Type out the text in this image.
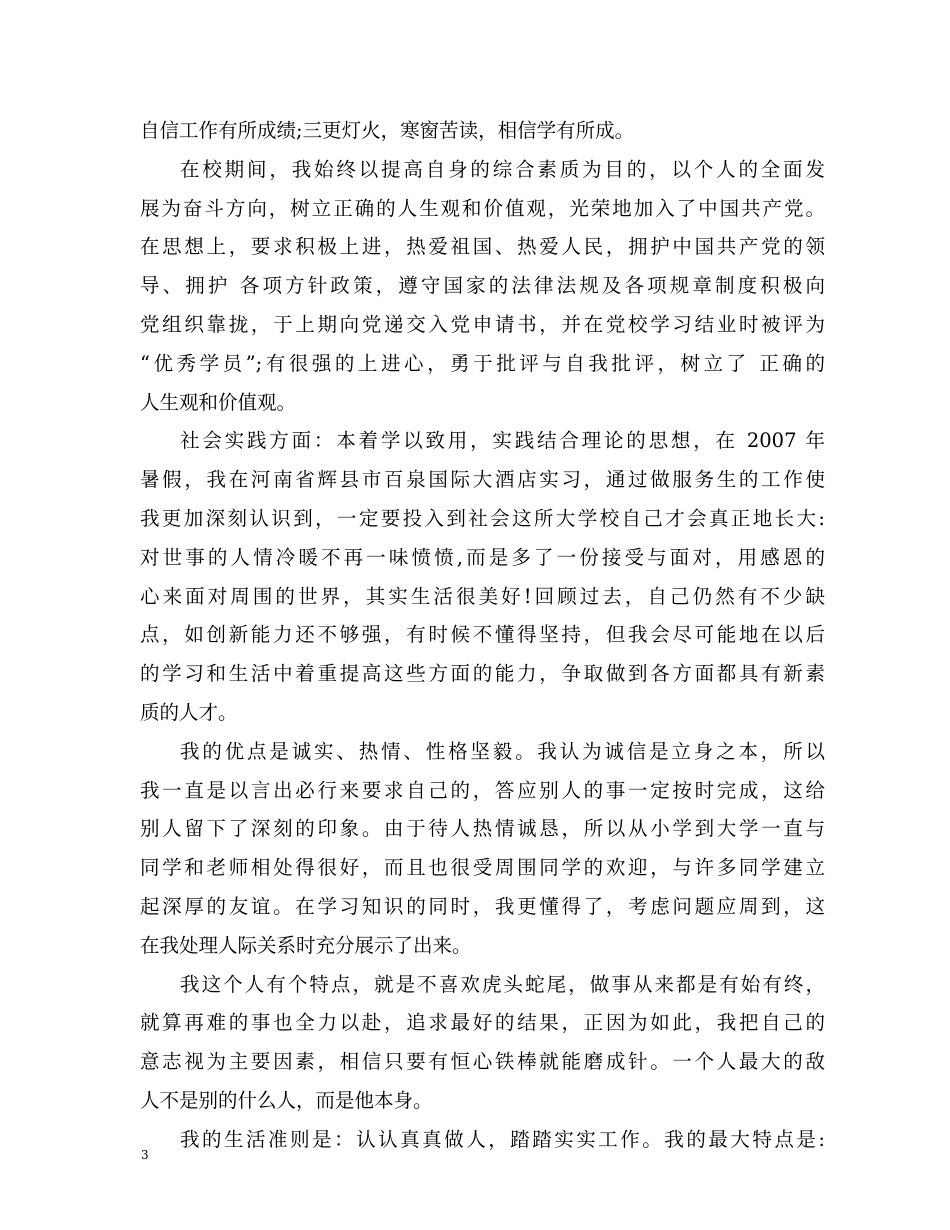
自信工作有所成绩;三更灯火，寒窗苦读，相信学有所成。
在校期间，我始终以提高自身的综合素质为目的，以个人的全面发
展为奋斗方向，树立正确的人生观和价值观，光荣地加入了中国共产党。
在思想上，要求积极上进，热爱祖国、热爱人民，拥护中国共产党的领
导、拥护 各项方针政策，遵守国家的法律法规及各项规章制度积极向
党组织靠拢，于上期向党递交入党申请书，并在党校学习结业时被评为
“优秀学员”;有很强的上进心，勇于批评与自我批评，树立了 正确的
人生观和价值观。
社会实践方面：本着学以致用，实践结合理论的思想，在 2007 年
暑假，我在河南省辉县市百泉国际大酒店实习，通过做服务生的工作使
我更加深刻认识到，一定要投入到社会这所大学校自己才会真正地长大:
对世事的人情冷暖不再一味愤愤,而是多了一份接受与面对，用感恩的
心来面对周围的世界，其实生活很美好!回顾过去，自己仍然有不少缺
点，如创新能力还不够强，有时候不懂得坚持，但我会尽可能地在以后
的学习和生活中着重提高这些方面的能力，争取做到各方面都具有新素
质的人才。
我的优点是诚实、热情、性格坚毅。我认为诚信是立身之本，所以
我一直是以言出必行来要求自己的，答应别人的事一定按时完成，这给
别人留下了深刻的印象。由于待人热情诚恳，所以从小学到大学一直与
同学和老师相处得很好，而且也很受周围同学的欢迎，与许多同学建立
起深厚的友谊。在学习知识的同时，我更懂得了，考虑问题应周到，这
在我处理人际关系时充分展示了出来。
我这个人有个特点，就是不喜欢虎头蛇尾，做事从来都是有始有终，
就算再难的事也全力以赴，追求最好的结果，正因为如此，我把自己的
意志视为主要因素，相信只要有恒心铁棒就能磨成针。一个人最大的敌
人不是别的什么人，而是他本身。
我的生活准则是：认认真真做人，踏踏实实工作。我的最大特点是:
3
